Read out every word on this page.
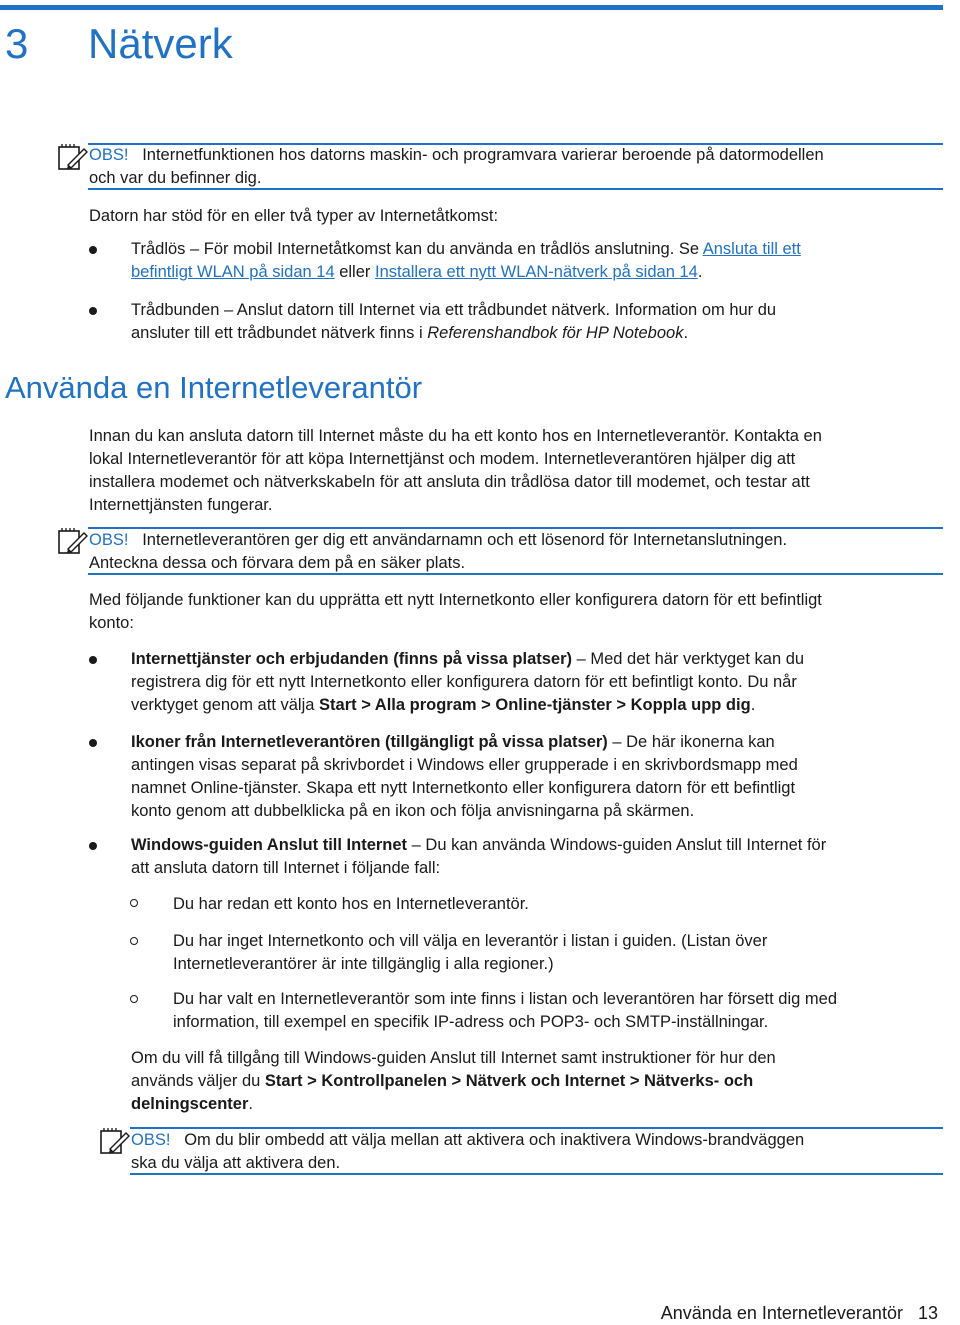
3 Nätverk
OBS! Internetfunktionen hos datorns maskin- och programvara varierar beroende på datormodellen
och var du befinner dig.
Datorn har stöd för en eller två typer av Internetåtkomst:
Trådlös – För mobil Internetåtkomst kan du använda en trådlös anslutning. Se Ansluta till ett
befintligt WLAN på sidan 14 eller Installera ett nytt WLAN-nätverk på sidan 14.
Trådbunden – Anslut datorn till Internet via ett trådbundet nätverk. Information om hur du
ansluter till ett trådbundet nätverk finns i Referenshandbok för HP Notebook.
Använda en Internetleverantör
Innan du kan ansluta datorn till Internet måste du ha ett konto hos en Internetleverantör. Kontakta en
lokal Internetleverantör för att köpa Internettjänst och modem. Internetleverantören hjälper dig att
installera modemet och nätverkskabeln för att ansluta din trådlösa dator till modemet, och testar att
Internettjänsten fungerar.
OBS! Internetleverantören ger dig ett användarnamn och ett lösenord för Internetanslutningen.
Anteckna dessa och förvara dem på en säker plats.
Med följande funktioner kan du upprätta ett nytt Internetkonto eller konfigurera datorn för ett befintligt
konto:
Internettjänster och erbjudanden (finns på vissa platser) – Med det här verktyget kan du
registrera dig för ett nytt Internetkonto eller konfigurera datorn för ett befintligt konto. Du når
verktyget genom att välja Start > Alla program > Online-tjänster > Koppla upp dig.
Ikoner från Internetleverantören (tillgängligt på vissa platser) – De här ikonerna kan
antingen visas separat på skrivbordet i Windows eller grupperade i en skrivbordsmapp med
namnet Online-tjänster. Skapa ett nytt Internetkonto eller konfigurera datorn för ett befintligt
konto genom att dubbelklicka på en ikon och följa anvisningarna på skärmen.
Windows-guiden Anslut till Internet – Du kan använda Windows-guiden Anslut till Internet för
att ansluta datorn till Internet i följande fall:
Du har redan ett konto hos en Internetleverantör.
Du har inget Internetkonto och vill välja en leverantör i listan i guiden. (Listan över
Internetleverantörer är inte tillgänglig i alla regioner.)
Du har valt en Internetleverantör som inte finns i listan och leverantören har försett dig med
information, till exempel en specifik IP-adress och POP3- och SMTP-inställningar.
Om du vill få tillgång till Windows-guiden Anslut till Internet samt instruktioner för hur den
används väljer du Start > Kontrollpanelen > Nätverk och Internet > Nätverks- och
delningscenter.
OBS! Om du blir ombedd att välja mellan att aktivera och inaktivera Windows-brandväggen
ska du välja att aktivera den.
Använda en Internetleverantör 13
